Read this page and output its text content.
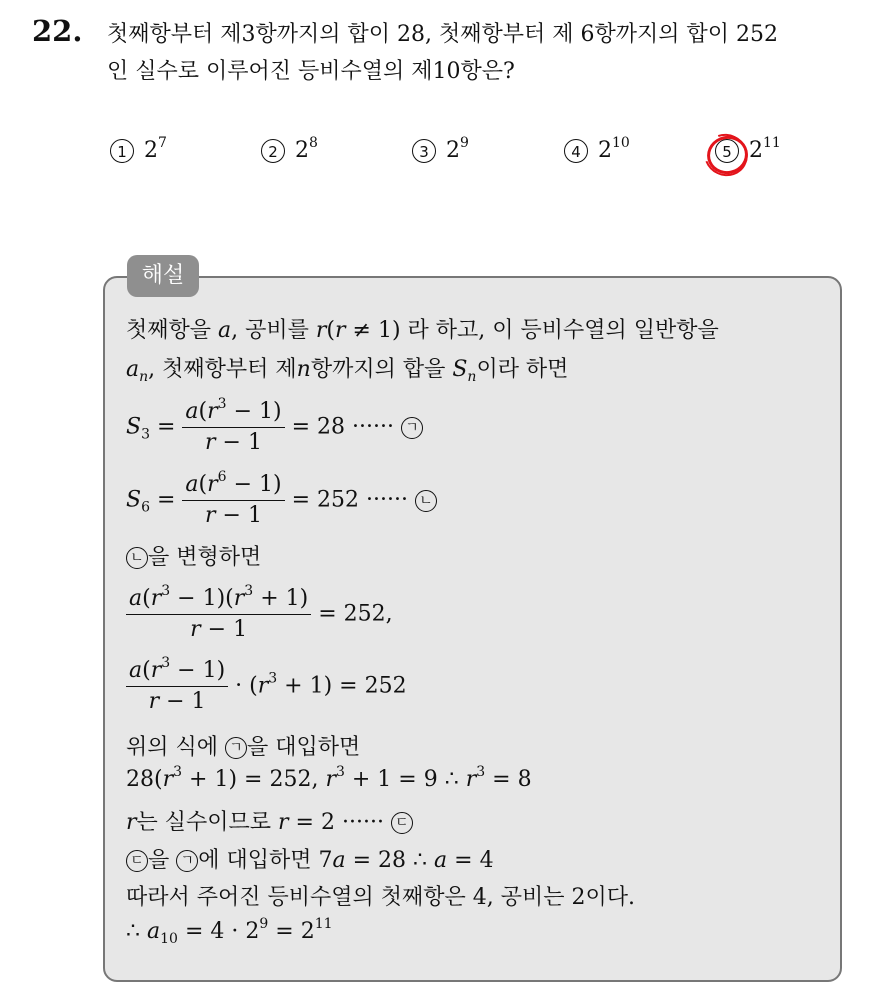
22. 첫째항부터 제3항까지의 합이 28, 첫째항부터 제 6항까지의 합이 252
인 실수로 이루어진 등비수열의 제10항은?
1 $2^7$	2 $2^8$	3 $2^9$	4 $2^{10}$	5 $2^{11}$
해설
첫째항을 a, 공비를 r(r ≠ 1) 라 하고, 이 등비수열의 일반항을
$a_n$, 첫째항부터 제n항까지의 합을 $S_n$이라 하면
$S_3 = \frac{a(r^3 - 1)}{r - 1} = 28$ ······ ㄱ
$S_6 = \frac{a(r^6 - 1)}{r - 1} = 252$ ······ ㄴ
ㄴ 을 변형하면
$\frac{a(r^3 - 1)(r^3 + 1)}{r - 1} = 252$,
$\frac{a(r^3 - 1)}{r - 1} \cdot (r^3 + 1) = 252$
위의 식에 ㄱ 을 대입하면
$28(r^3 + 1) = 252$, $r^3 + 1 = 9$ ∴ $r^3 = 8$
r는 실수이므로 r = 2 ······ ㄷ
ㄷ 을 ㄱ 에 대입하면 7a = 28 ∴ a = 4
따라서 주어진 등비수열의 첫째항은 4, 공비는 2이다.
∴ $a_{10} = 4 \cdot 2^9 = 2^{11}$
